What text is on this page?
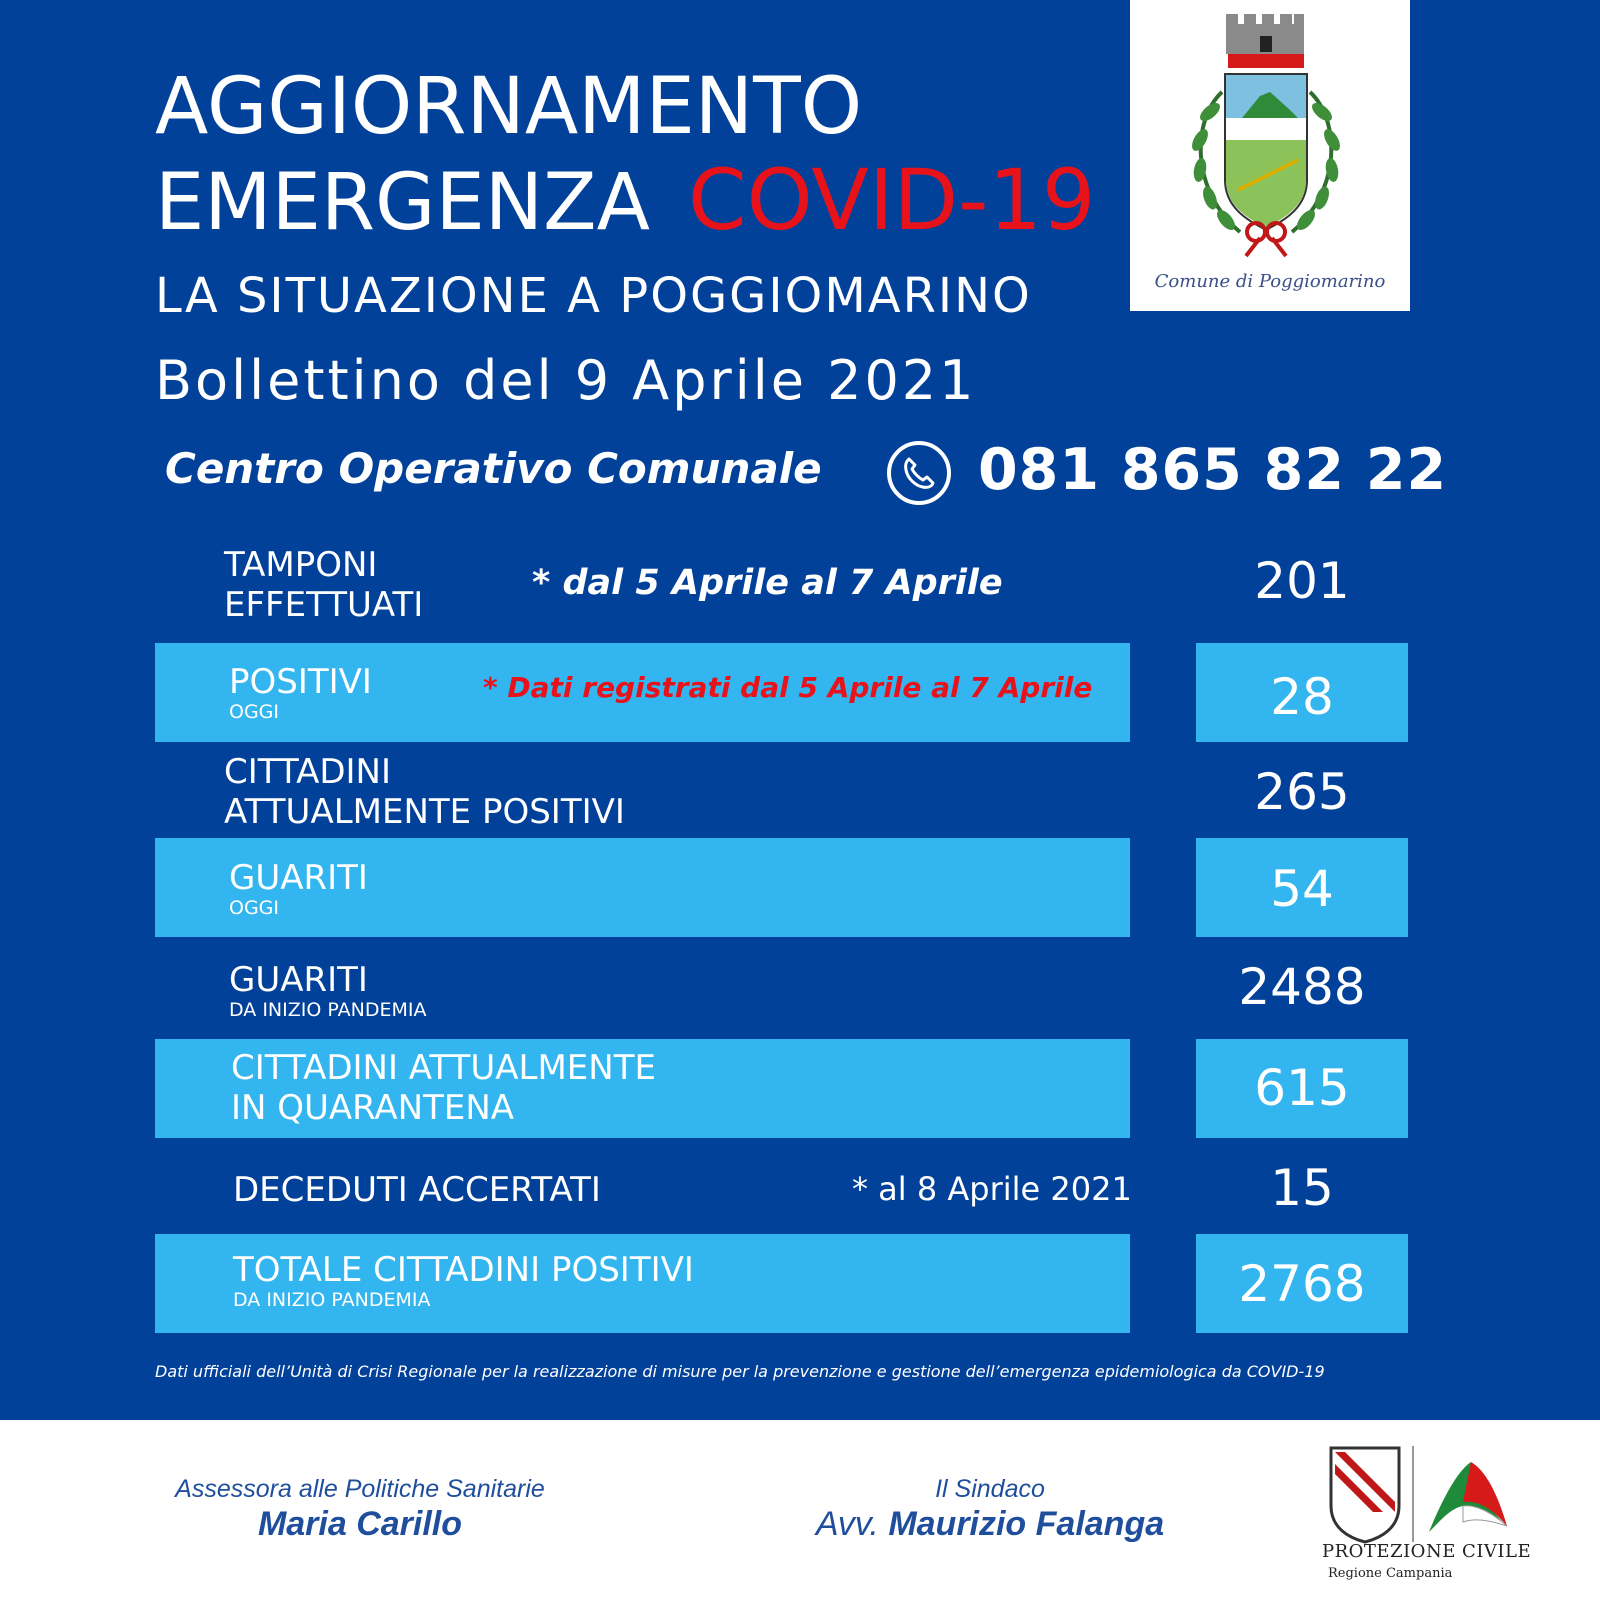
AGGIORNAMENTO
EMERGENZA COVID-19
LA SITUAZIONE A POGGIOMARINO
Bollettino del 9 Aprile 2021
Centro Operativo Comunale	081 865 82 22
Comune di Poggiomarino
TAMPONI
EFFETTUATI
* dal 5 Aprile al 7 Aprile	201
POSITIVI
OGGI
* Dati registrati dal 5 Aprile al 7 Aprile	28
CITTADINI
ATTUALMENTE POSITIVI	265
GUARITI
OGGI	54
GUARITI
DA INIZIO PANDEMIA	2488
CITTADINI ATTUALMENTE
IN QUARANTENA	615
DECEDUTI ACCERTATI	* al 8 Aprile 2021	15
TOTALE CITTADINI POSITIVI
DA INIZIO PANDEMIA	2768
Dati ufficiali dell’Unità di Crisi Regionale per la realizzazione di misure per la prevenzione e gestione dell’emergenza epidemiologica da COVID-19
Assessora alle Politiche Sanitarie
Maria Carillo
Il Sindaco
Avv. Maurizio Falanga
PROTEZIONE CIVILE
Regione Campania
